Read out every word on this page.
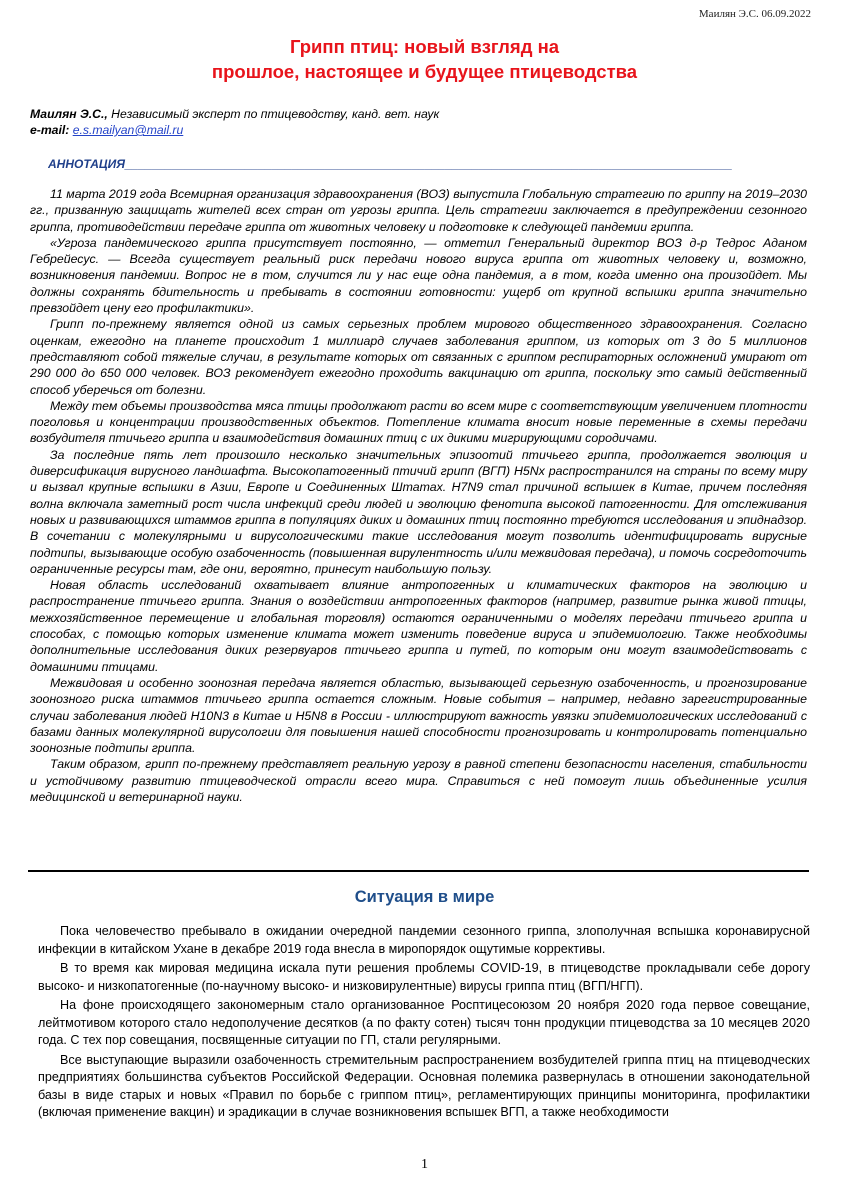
Маилян Э.С. 06.09.2022
Грипп птиц: новый взгляд на
прошлое, настоящее и будущее птицеводства
Маилян Э.С., Независимый эксперт по птицеводству, канд. вет. наук
e-mail: e.s.mailyan@mail.ru
АННОТАЦИЯ___________________________________________________________________________________________

11 марта 2019 года Всемирная организация здравоохранения (ВОЗ) выпустила Глобальную стратегию по гриппу на 2019–2030 гг., призванную защищать жителей всех стран от угрозы гриппа. Цель стратегии заключается в предупреждении сезонного гриппа, противодействии передаче гриппа от животных человеку и подготовке к следующей пандемии гриппа.

«Угроза пандемического гриппа присутствует постоянно, — отметил Генеральный директор ВОЗ д-р Тедрос Аданом Гебрейесус. — Всегда существует реальный риск передачи нового вируса гриппа от животных человеку и, возможно, возникновения пандемии. Вопрос не в том, случится ли у нас еще одна пандемия, а в том, когда именно она произойдет. Мы должны сохранять бдительность и пребывать в состоянии готовности: ущерб от крупной вспышки гриппа значительно превзойдет цену его профилактики».

Грипп по-прежнему является одной из самых серьезных проблем мирового общественного здравоохранения. Согласно оценкам, ежегодно на планете происходит 1 миллиард случаев заболевания гриппом, из которых от 3 до 5 миллионов представляют собой тяжелые случаи, в результате которых от связанных с гриппом респираторных осложнений умирают от 290 000 до 650 000 человек. ВОЗ рекомендует ежегодно проходить вакцинацию от гриппа, поскольку это самый действенный способ уберечься от болезни.

Между тем объемы производства мяса птицы продолжают расти во всем мире с соответствующим увеличением плотности поголовья и концентрации производственных объектов. Потепление климата вносит новые переменные в схемы передачи возбудителя птичьего гриппа и взаимодействия домашних птиц с их дикими мигрирующими сородичами.

За последние пять лет произошло несколько значительных эпизоотий птичьего гриппа, продолжается эволюция и диверсификация вирусного ландшафта. Высокопатогенный птичий грипп (ВГП) H5Nx распространился на страны по всему миру и вызвал крупные вспышки в Азии, Европе и Соединенных Штатах. H7N9 стал причиной вспышек в Китае, причем последняя волна включала заметный рост числа инфекций среди людей и эволюцию фенотипа высокой патогенности. Для отслеживания новых и развивающихся штаммов гриппа в популяциях диких и домашних птиц постоянно требуются исследования и эпиднадзор. В сочетании с молекулярными и вирусологическими такие исследования могут позволить идентифицировать вирусные подтипы, вызывающие особую озабоченность (повышенная вирулентность и/или межвидовая передача), и помочь сосредоточить ограниченные ресурсы там, где они, вероятно, принесут наибольшую пользу.

Новая область исследований охватывает влияние антропогенных и климатических факторов на эволюцию и распространение птичьего гриппа. Знания о воздействии антропогенных факторов (например, развитие рынка живой птицы, межхозяйственное перемещение и глобальная торговля) остаются ограниченными о моделях передачи птичьего гриппа и способах, с помощью которых изменение климата может изменить поведение вируса и эпидемиологию. Также необходимы дополнительные исследования диких резервуаров птичьего гриппа и путей, по которым они могут взаимодействовать с домашними птицами.

Межвидовая и особенно зоонозная передача является областью, вызывающей серьезную озабоченность, и прогнозирование зоонозного риска штаммов птичьего гриппа остается сложным. Новые события – например, недавно зарегистрированные случаи заболевания людей H10N3 в Китае и H5N8 в России - иллюстрируют важность увязки эпидемиологических исследований с базами данных молекулярной вирусологии для повышения нашей способности прогнозировать и контролировать потенциально зоонозные подтипы гриппа.

Таким образом, грипп по-прежнему представляет реальную угрозу в равной степени безопасности населения, стабильности и устойчивому развитию птицеводческой отрасли всего мира. Справиться с ней помогут лишь объединенные усилия медицинской и ветеринарной науки.

Ситуация в мире

Пока человечество пребывало в ожидании очередной пандемии сезонного гриппа, злополучная вспышка коронавирусной инфекции в китайском Ухане в декабре 2019 года внесла в миропорядок ощутимые коррективы.

В то время как мировая медицина искала пути решения проблемы COVID-19, в птицеводстве прокладывали себе дорогу высоко- и низкопатогенные (по-научному высоко- и низковирулентные) вирусы гриппа птиц (ВГП/НГП).

На фоне происходящего закономерным стало организованное Росптицесоюзом 20 ноября 2020 года первое совещание, лейтмотивом которого стало недополучение десятков (а по факту сотен) тысяч тонн продукции птицеводства за 10 месяцев 2020 года. С тех пор совещания, посвященные ситуации по ГП, стали регулярными.

Все выступающие выразили озабоченность стремительным распространением возбудителей гриппа птиц на птицеводческих предприятиях большинства субъектов Российской Федерации. Основная полемика развернулась в отношении законодательной базы в виде старых и новых «Правил по борьбе с гриппом птиц», регламентирующих принципы мониторинга, профилактики (включая применение вакцин) и эрадикации в случае возникновения вспышек ВГП, а также необходимости

1
